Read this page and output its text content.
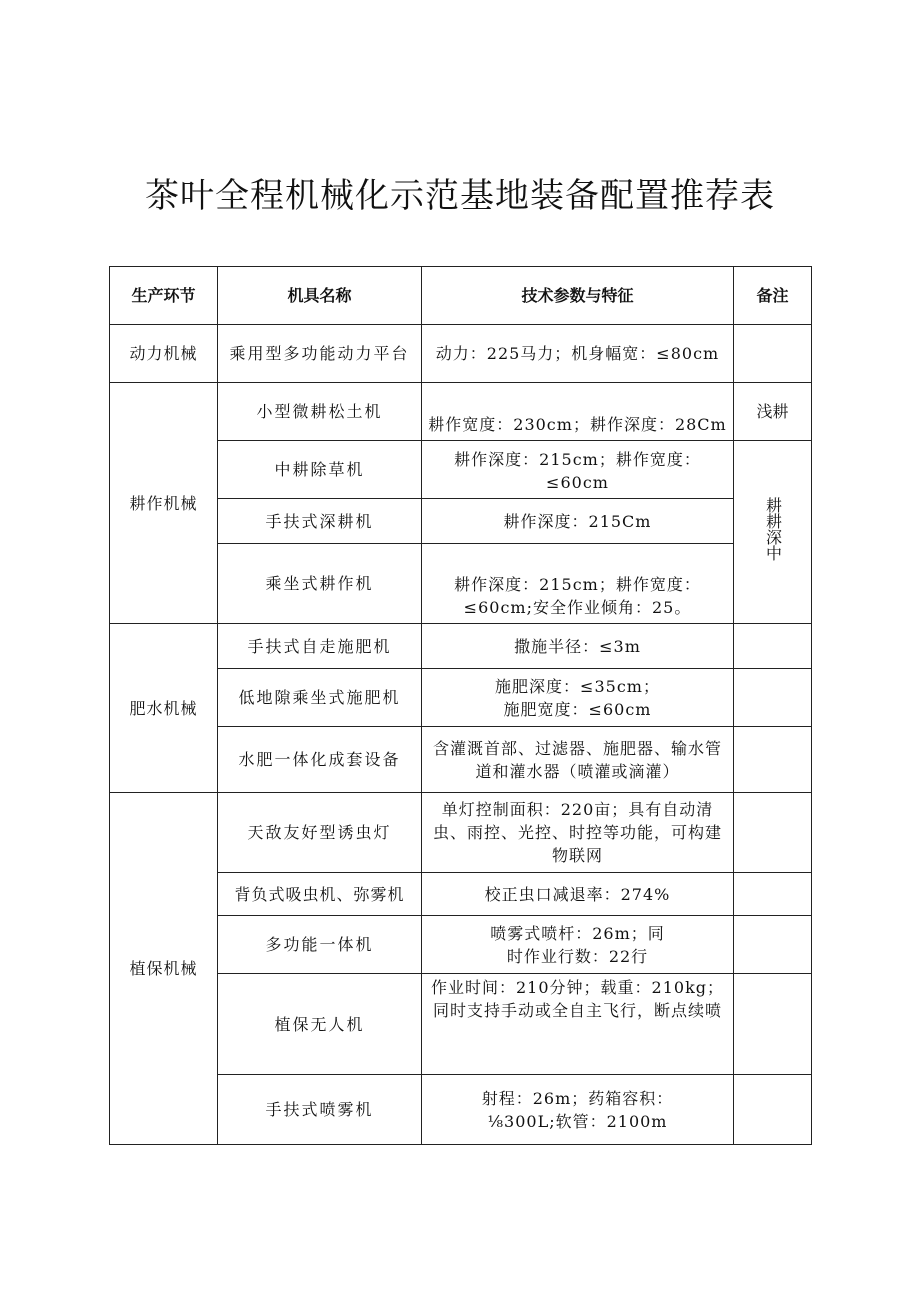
茶叶全程机械化示范基地装备配置推荐表
生产环节	机具名称	技术参数与特征	备注
动力机械	乘用型多功能动力平台	动力：225马力；机身幅宽：≤80cm	
耕作机械	小型微耕松土机	耕作宽度：230cm；耕作深度：28Cm	浅耕
	中耕除草机	耕作深度：215cm；耕作宽度：≤60cm	耕耕深中
	手扶式深耕机	耕作深度：215Cm	
	乘坐式耕作机	耕作深度：215cm；耕作宽度：≤60cm;安全作业倾角：25。	
肥水机械	手扶式自走施肥机	撒施半径：≤3m	
	低地隙乘坐式施肥机	施肥深度：≤35cm；施肥宽度：≤60cm	
	水肥一体化成套设备	含灌溉首部、过滤器、施肥器、输水管道和灌水器（喷灌或滴灌）	
植保机械	天敌友好型诱虫灯	单灯控制面积：220亩；具有自动清虫、雨控、光控、时控等功能，可构建物联网	
	背负式吸虫机、弥雾机	校正虫口减退率：274%	
	多功能一体机	喷雾式喷杆：26m；同时作业行数：22行	
	植保无人机	作业时间：210分钟；载重：210kg；同时支持手动或全自主飞行，断点续喷	
	手扶式喷雾机	射程：26m；药箱容积：⅛300L;软管：2100m	
